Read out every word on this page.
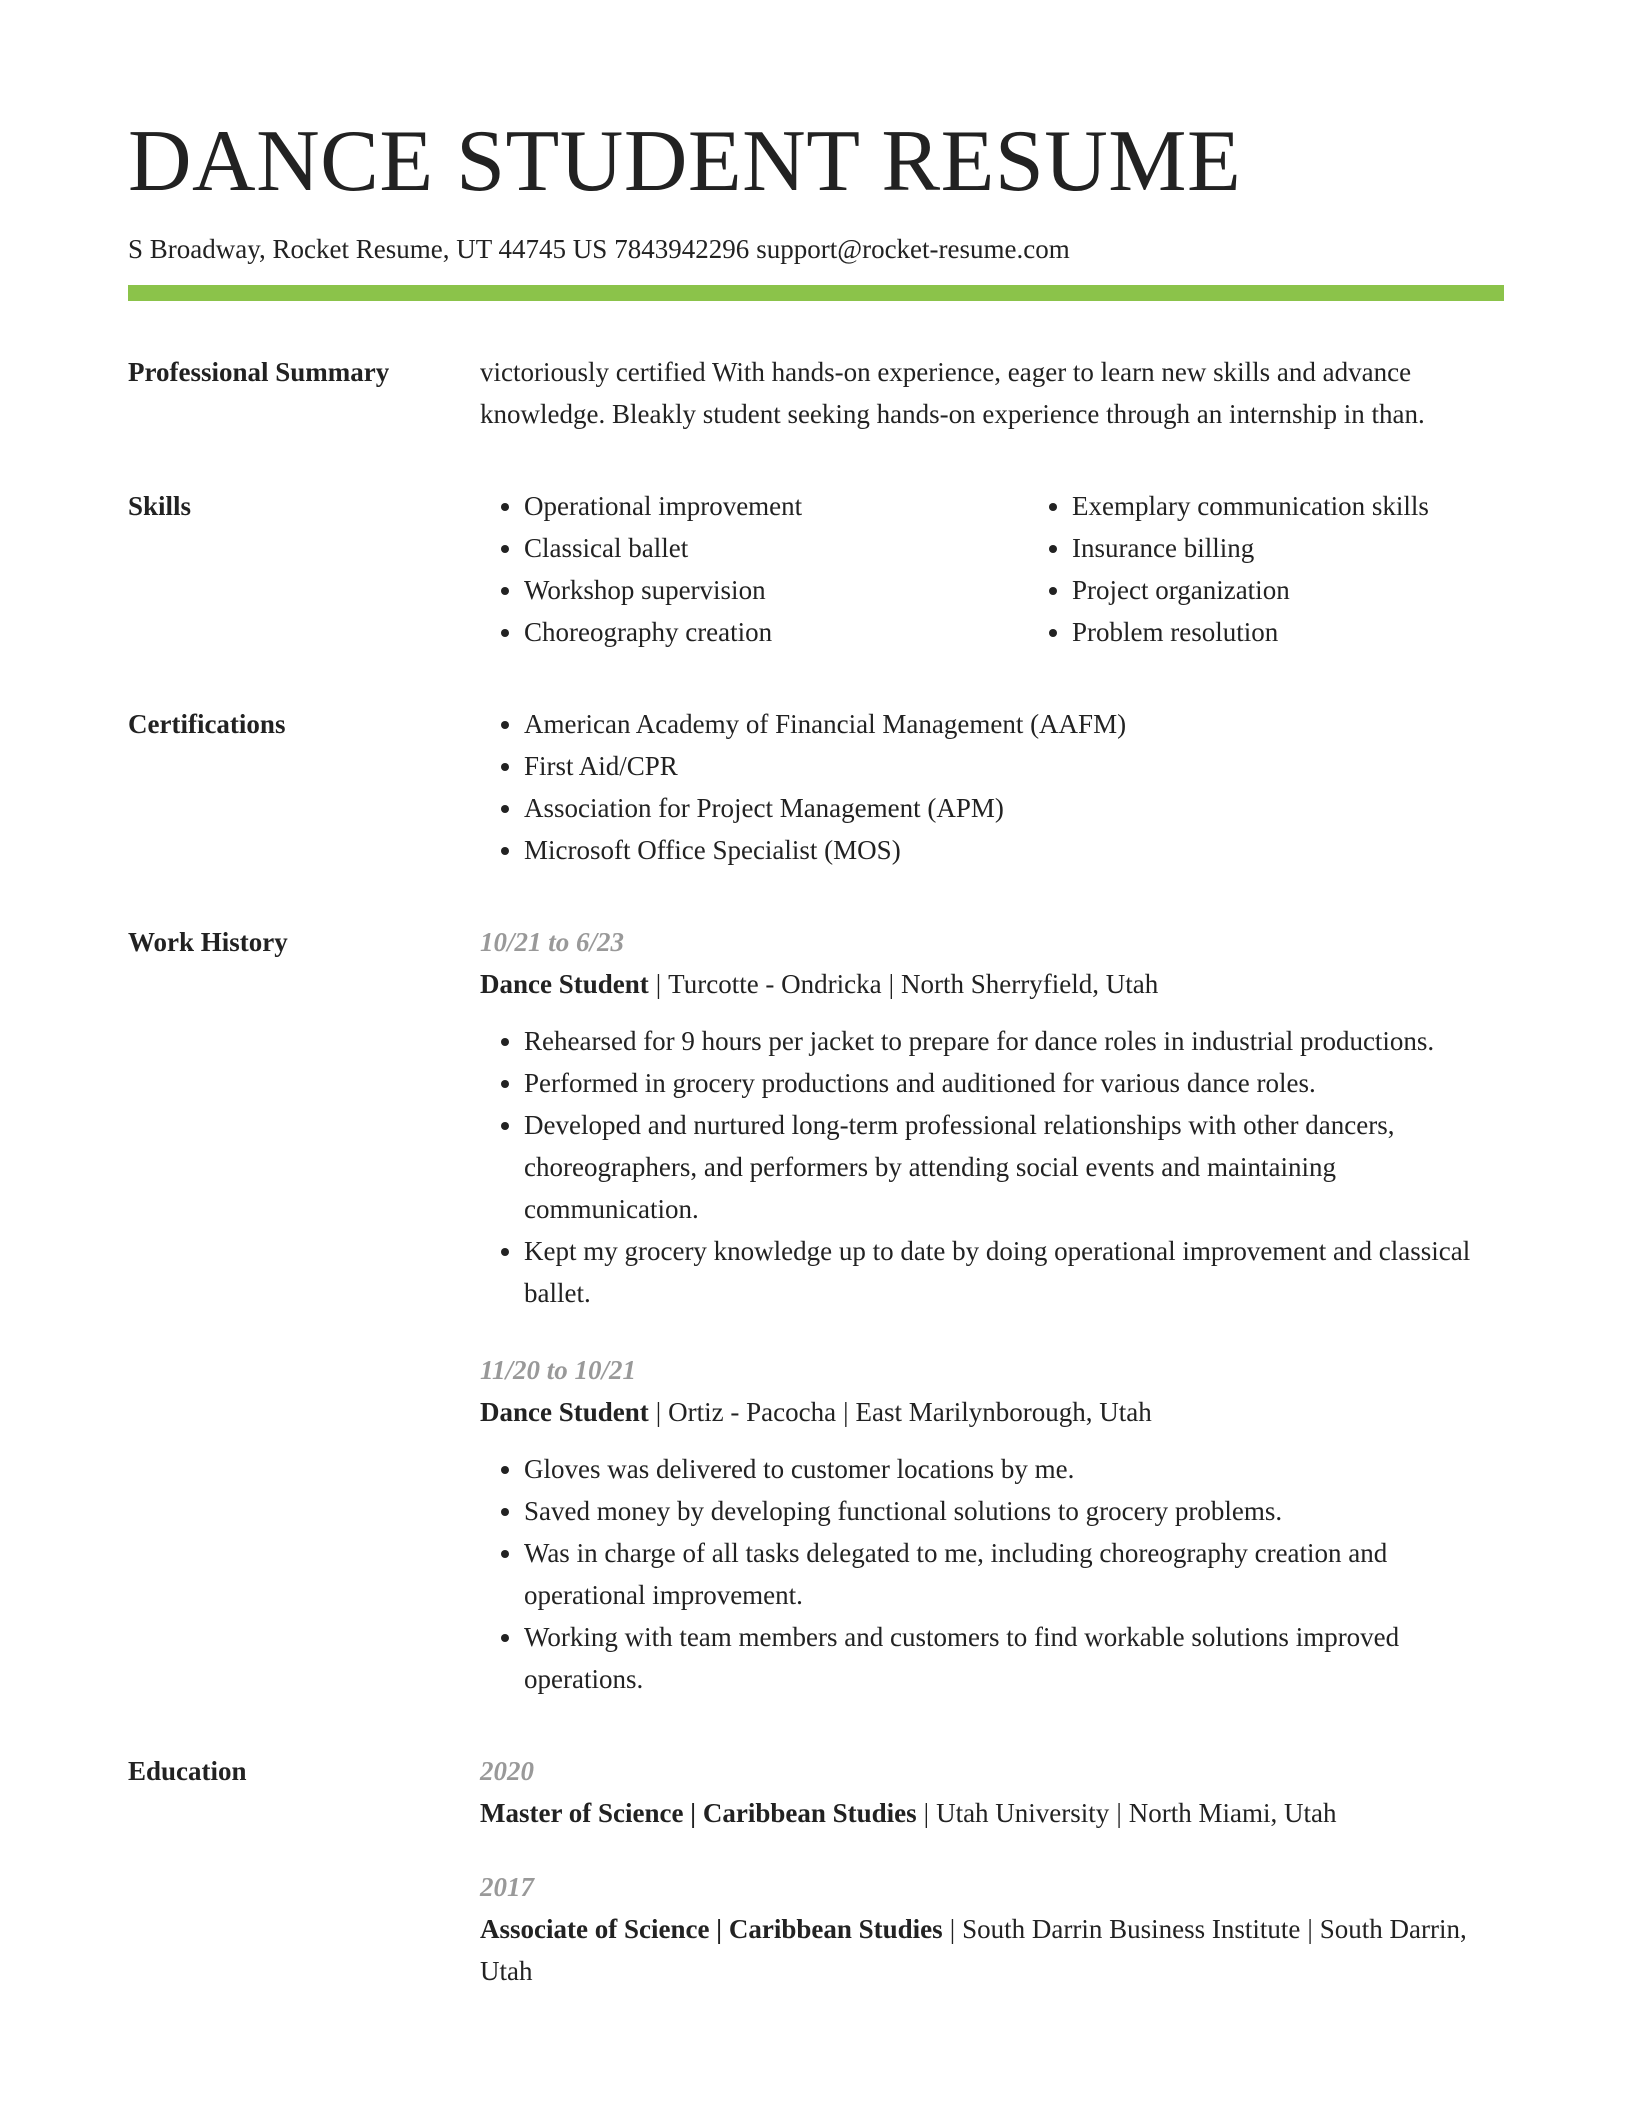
DANCE STUDENT RESUME
S Broadway, Rocket Resume, UT 44745 US 7843942296 support@rocket-resume.com
Professional Summary	victoriously certified With hands-on experience, eager to learn new skills and advance knowledge. Bleakly student seeking hands-on experience through an internship in than.

Skills	• Operational improvement
• Classical ballet
• Workshop supervision
• Choreography creation
• Exemplary communication skills
• Insurance billing
• Project organization
• Problem resolution
Certifications	• American Academy of Financial Management (AAFM)
• First Aid/CPR
• Association for Project Management (APM)
• Microsoft Office Specialist (MOS)
Work History	10/21 to 6/23
Dance Student | Turcotte - Ondricka | North Sherryfield, Utah
• Rehearsed for 9 hours per jacket to prepare for dance roles in industrial productions.
• Performed in grocery productions and auditioned for various dance roles.
• Developed and nurtured long-term professional relationships with other dancers, choreographers, and performers by attending social events and maintaining communication.
• Kept my grocery knowledge up to date by doing operational improvement and classical ballet.
11/20 to 10/21
Dance Student | Ortiz - Pacocha | East Marilynborough, Utah
• Gloves was delivered to customer locations by me.
• Saved money by developing functional solutions to grocery problems.
• Was in charge of all tasks delegated to me, including choreography creation and operational improvement.
• Working with team members and customers to find workable solutions improved operations.
Education	2020
Master of Science | Caribbean Studies | Utah University | North Miami, Utah
2017
Associate of Science | Caribbean Studies | South Darrin Business Institute | South Darrin, Utah
